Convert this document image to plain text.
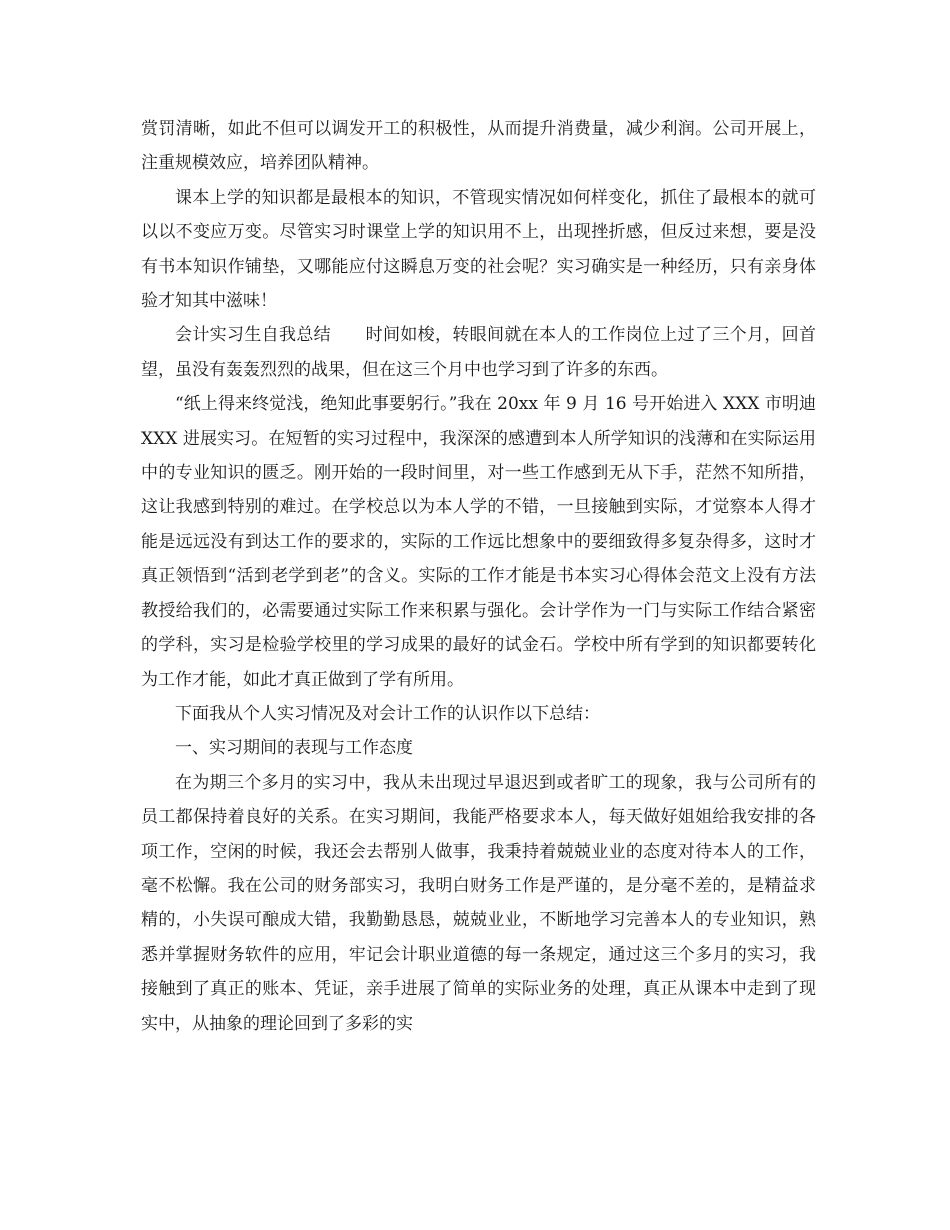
赏罚清晰，如此不但可以调发开工的积极性，从而提升消费量，减少利润。公司开展上，注重规模效应，培养团队精神。

课本上学的知识都是最根本的知识，不管现实情况如何样变化，抓住了最根本的就可以以不变应万变。尽管实习时课堂上学的知识用不上，出现挫折感，但反过来想，要是没有书本知识作铺垫，又哪能应付这瞬息万变的社会呢？实习确实是一种经历，只有亲身体验才知其中滋味！

会计实习生自我总结　　时间如梭，转眼间就在本人的工作岗位上过了三个月，回首望，虽没有轰轰烈烈的战果，但在这三个月中也学习到了许多的东西。

“纸上得来终觉浅，绝知此事要躬行。”我在 20xx 年 9 月 16 号开始进入 XXX 市明迪 XXX 进展实习。在短暂的实习过程中，我深深的感遭到本人所学知识的浅薄和在实际运用中的专业知识的匮乏。刚开始的一段时间里，对一些工作感到无从下手，茫然不知所措，这让我感到特别的难过。在学校总以为本人学的不错，一旦接触到实际，才觉察本人得才能是远远没有到达工作的要求的，实际的工作远比想象中的要细致得多复杂得多，这时才真正领悟到“活到老学到老”的含义。实际的工作才能是书本实习心得体会范文上没有方法教授给我们的，必需要通过实际工作来积累与强化。会计学作为一门与实际工作结合紧密的学科，实习是检验学校里的学习成果的最好的试金石。学校中所有学到的知识都要转化为工作才能，如此才真正做到了学有所用。

下面我从个人实习情况及对会计工作的认识作以下总结：

一、实习期间的表现与工作态度

在为期三个多月的实习中，我从未出现过早退迟到或者旷工的现象，我与公司所有的员工都保持着良好的关系。在实习期间，我能严格要求本人，每天做好姐姐给我安排的各项工作，空闲的时候，我还会去帮别人做事，我秉持着兢兢业业的态度对待本人的工作，毫不松懈。我在公司的财务部实习，我明白财务工作是严谨的，是分毫不差的，是精益求精的，小失误可酿成大错，我勤勤恳恳，兢兢业业，不断地学习完善本人的专业知识，熟悉并掌握财务软件的应用，牢记会计职业道德的每一条规定，通过这三个多月的实习，我接触到了真正的账本、凭证，亲手进展了简单的实际业务的处理，真正从课本中走到了现实中，从抽象的理论回到了多彩的实
